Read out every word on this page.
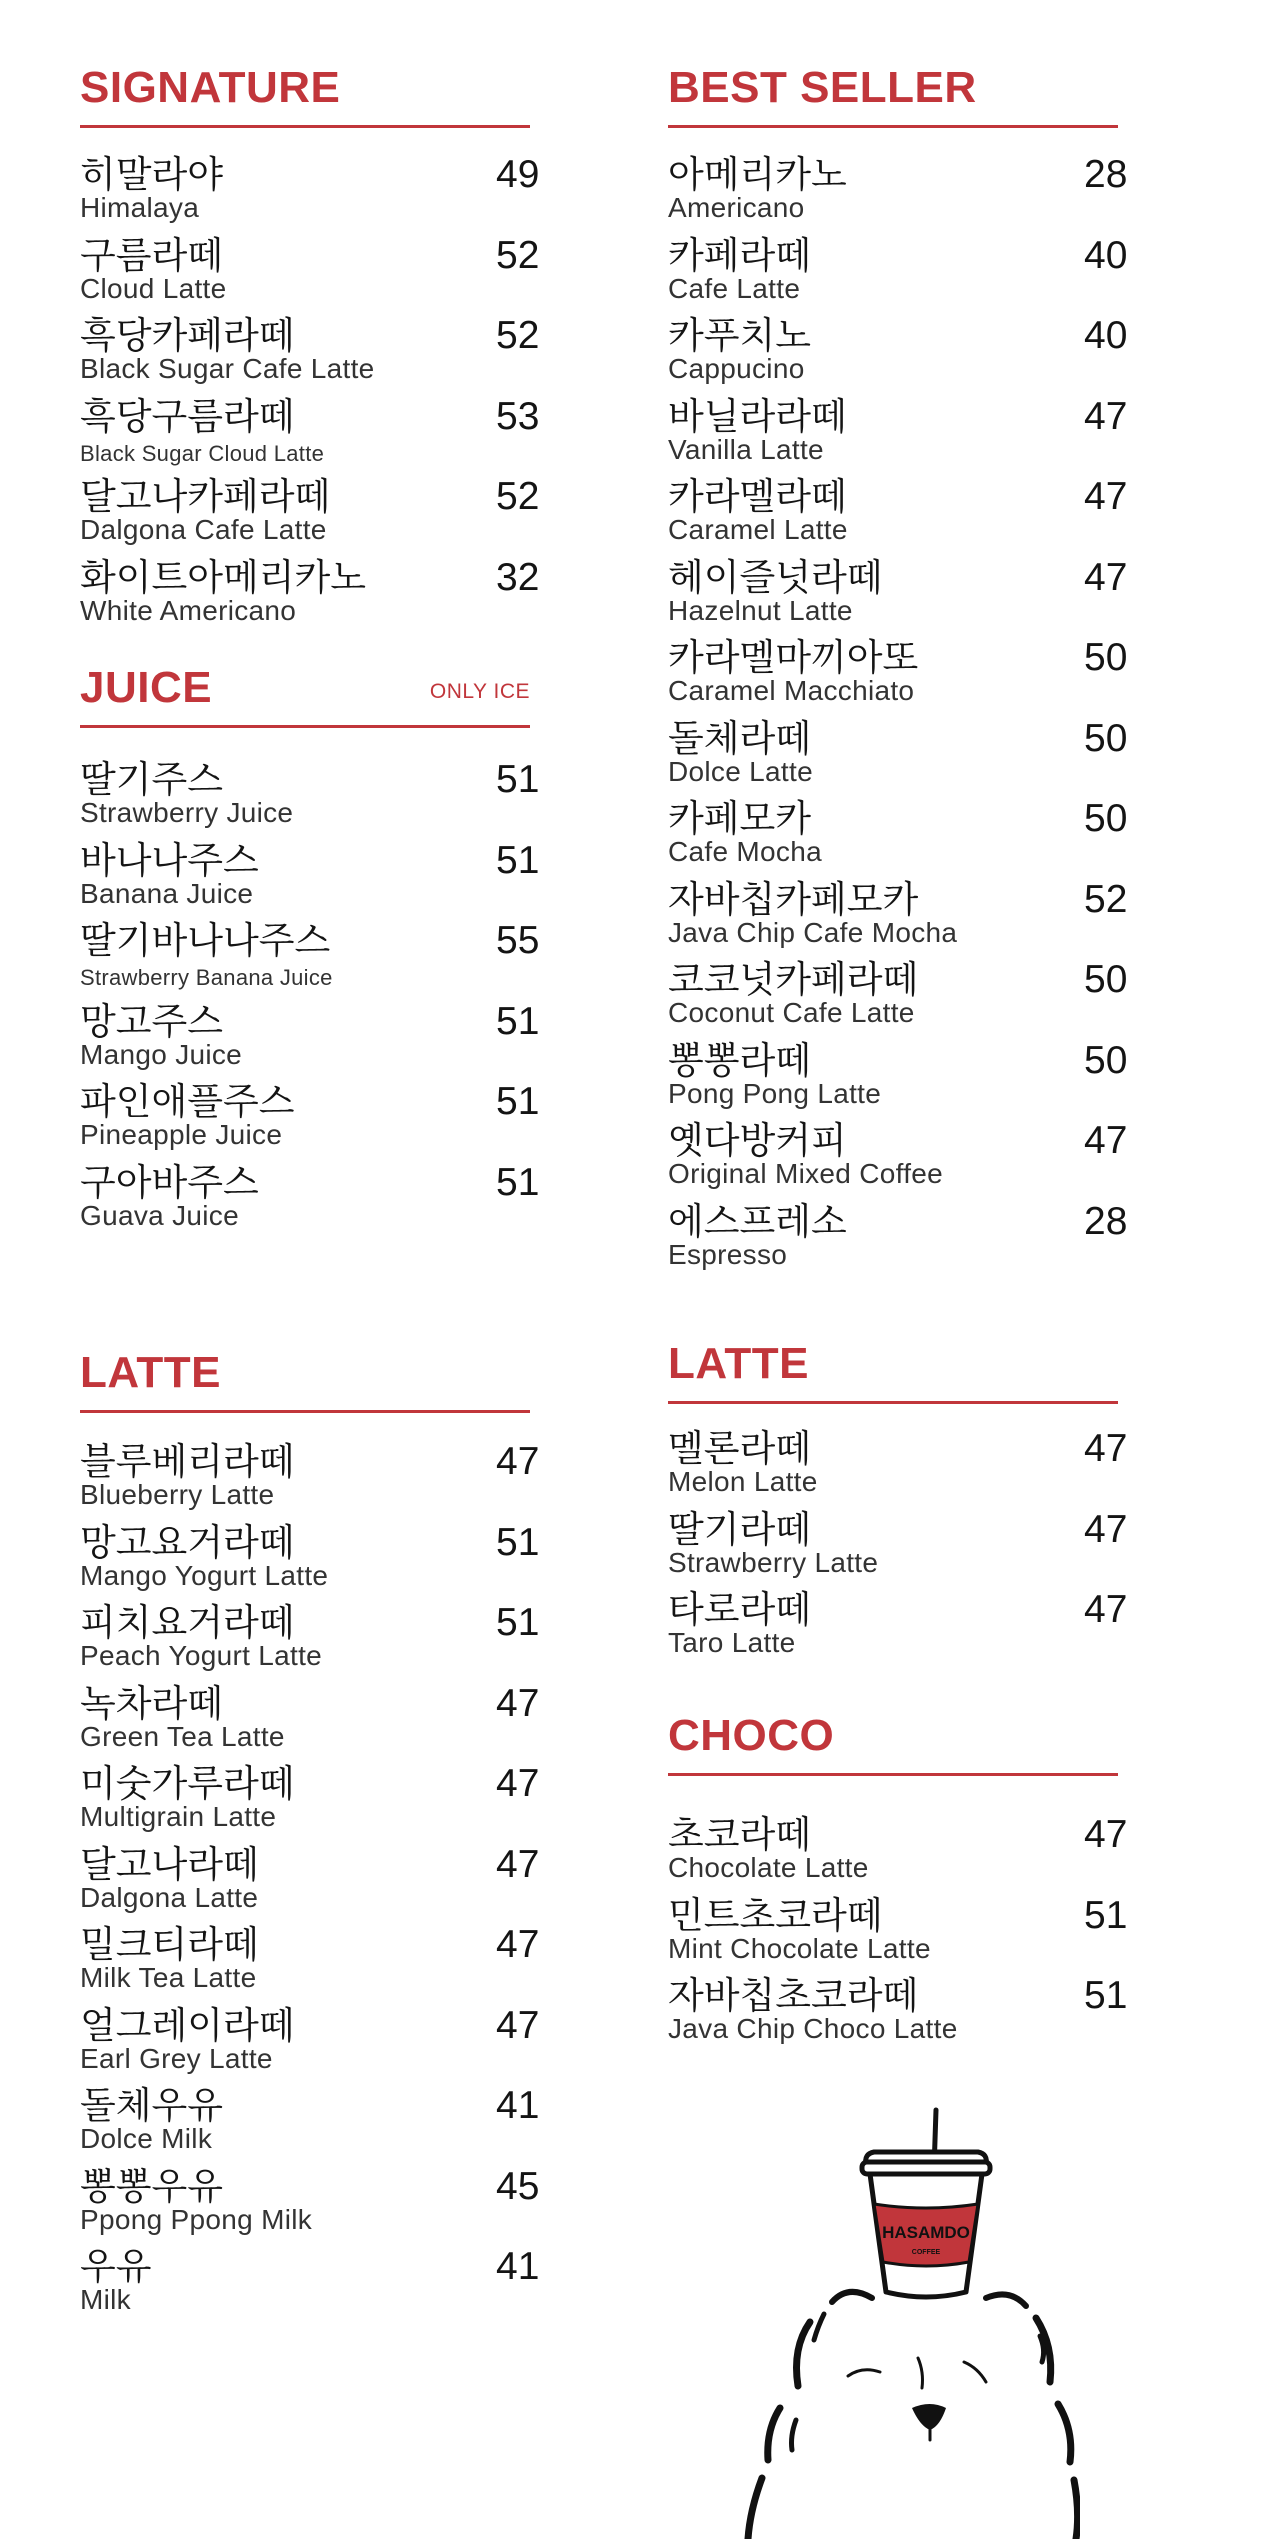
SIGNATURE
히말라야
Himalaya
49
구름라떼
Cloud Latte
52
흑당카페라떼
Black Sugar Cafe Latte
52
흑당구름라떼
Black Sugar Cloud Latte
53
달고나카페라떼
Dalgona Cafe Latte
52
화이트아메리카노
White Americano
32
JUICE	ONLY ICE
딸기주스
Strawberry Juice
51
바나나주스
Banana Juice
51
딸기바나나주스
Strawberry Banana Juice
55
망고주스
Mango Juice
51
파인애플주스
Pineapple Juice
51
구아바주스
Guava Juice
51
LATTE
블루베리라떼
Blueberry Latte
47
망고요거라떼
Mango Yogurt Latte
51
피치요거라떼
Peach Yogurt Latte
51
녹차라떼
Green Tea Latte
47
미숫가루라떼
Multigrain Latte
47
달고나라떼
Dalgona Latte
47
밀크티라떼
Milk Tea Latte
47
얼그레이라떼
Earl Grey Latte
47
돌체우유
Dolce Milk
41
뽕뽕우유
Ppong Ppong Milk
45
우유
Milk
41
BEST SELLER
아메리카노
Americano
28
카페라떼
Cafe Latte
40
카푸치노
Cappucino
40
바닐라라떼
Vanilla Latte
47
카라멜라떼
Caramel Latte
47
헤이즐넛라떼
Hazelnut Latte
47
카라멜마끼아또
Caramel Macchiato
50
돌체라떼
Dolce Latte
50
카페모카
Cafe Mocha
50
자바칩카페모카
Java Chip Cafe Mocha
52
코코넛카페라떼
Coconut Cafe Latte
50
뽕뽕라떼
Pong Pong Latte
50
옛다방커피
Original Mixed Coffee
47
에스프레소
Espresso
28
LATTE
멜론라떼
Melon Latte
47
딸기라떼
Strawberry Latte
47
타로라떼
Taro Latte
47
CHOCO
초코라떼
Chocolate Latte
47
민트초코라떼
Mint Chocolate Latte
51
자바칩초코라떼
Java Chip Choco Latte
51
HASAMDO
COFFEE
